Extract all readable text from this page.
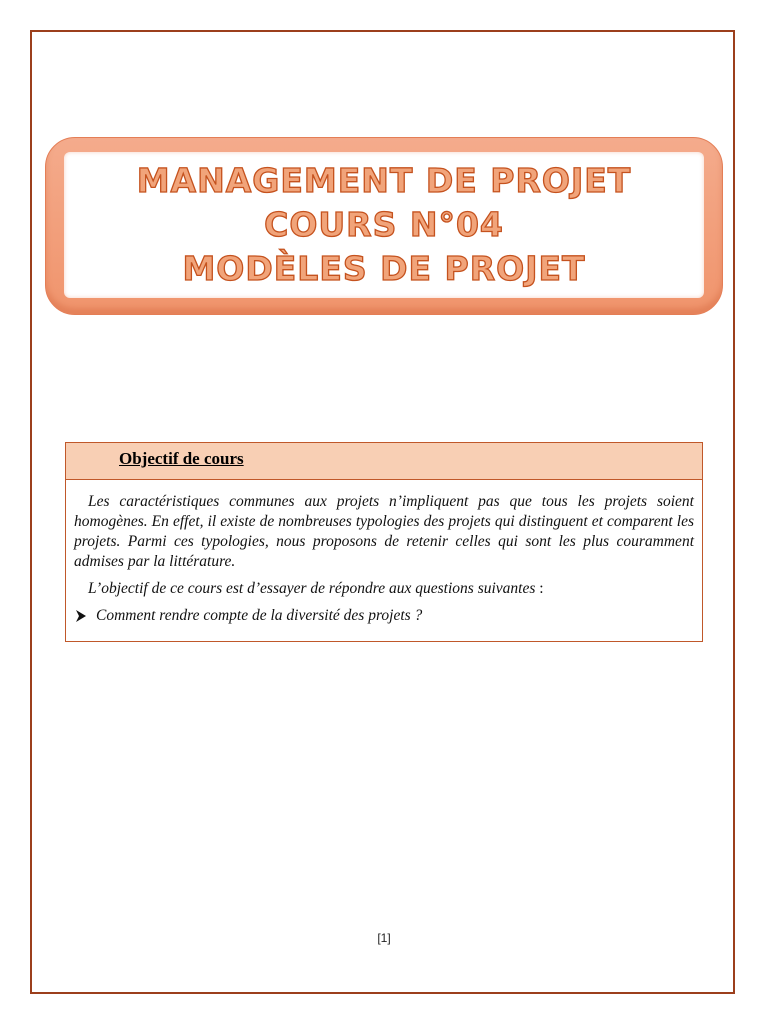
MANAGEMENT DE PROJET
COURS N°04
MODÈLES DE PROJET
Objectif de cours

Les caractéristiques communes aux projets n’impliquent pas que tous les projets soient homogènes. En effet, il existe de nombreuses typologies des projets qui distinguent et comparent les projets. Parmi ces typologies, nous proposons de retenir celles qui sont les plus couramment admises par la littérature.

L’objectif de ce cours est d’essayer de répondre aux questions suivantes :
Comment rendre compte de la diversité des projets ?
[1]
